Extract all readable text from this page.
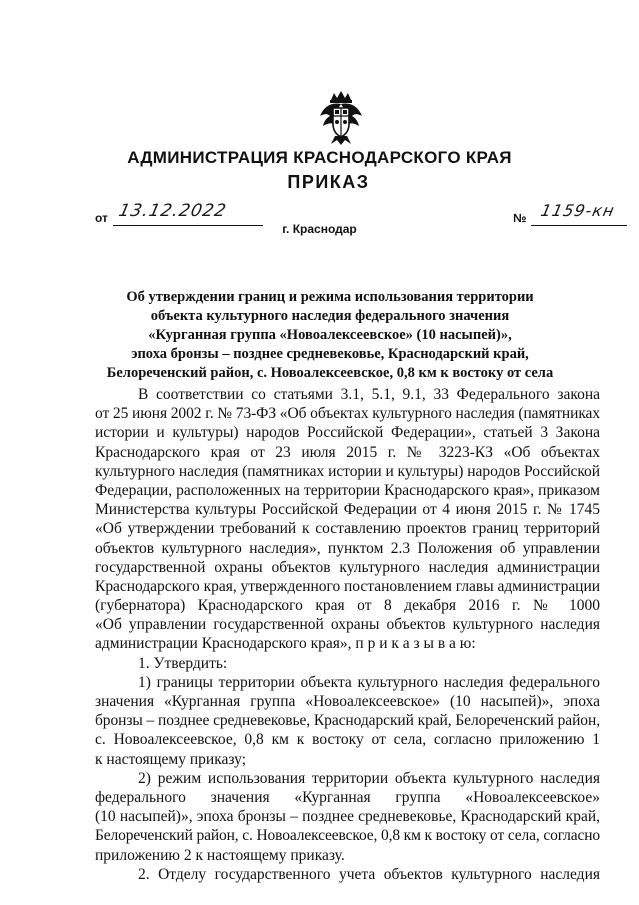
АДМИНИСТРАЦИЯ КРАСНОДАРСКОГО КРАЯ
ПРИКАЗ
от 13.12.2022	№ 1159-кн
г. Краснодар
Об утверждении границ и режима использования территории
объекта культурного наследия федерального значения
«Курганная группа «Новоалексеевское» (10 насыпей)»,
эпоха бронзы – позднее средневековье, Краснодарский край,
Белореченский район, с. Новоалексеевское, 0,8 км к востоку от села
В соответствии со статьями 3.1, 5.1, 9.1, 33 Федерального закона
от 25 июня 2002 г. № 73-ФЗ «Об объектах культурного наследия (памятниках
истории и культуры) народов Российской Федерации», статьей 3 Закона
Краснодарского края от 23 июля 2015 г. № 3223-КЗ «Об объектах
культурного наследия (памятниках истории и культуры) народов Российской
Федерации, расположенных на территории Краснодарского края», приказом
Министерства культуры Российской Федерации от 4 июня 2015 г. № 1745
«Об утверждении требований к составлению проектов границ территорий
объектов культурного наследия», пунктом 2.3 Положения об управлении
государственной охраны объектов культурного наследия администрации
Краснодарского края, утвержденного постановлением главы администрации
(губернатора) Краснодарского края от 8 декабря 2016 г. № 1000
«Об управлении государственной охраны объектов культурного наследия
администрации Краснодарского края», п р и к а з ы в а ю:
1. Утвердить:
1) границы территории объекта культурного наследия федерального
значения «Курганная группа «Новоалексеевское» (10 насыпей)», эпоха
бронзы – позднее средневековье, Краснодарский край, Белореченский район,
с. Новоалексеевское, 0,8 км к востоку от села, согласно приложению 1
к настоящему приказу;
2) режим использования территории объекта культурного наследия
федерального значения «Курганная группа «Новоалексеевское»
(10 насыпей)», эпоха бронзы – позднее средневековье, Краснодарский край,
Белореченский район, с. Новоалексеевское, 0,8 км к востоку от села, согласно
приложению 2 к настоящему приказу.
2. Отделу государственного учета объектов культурного наследия
